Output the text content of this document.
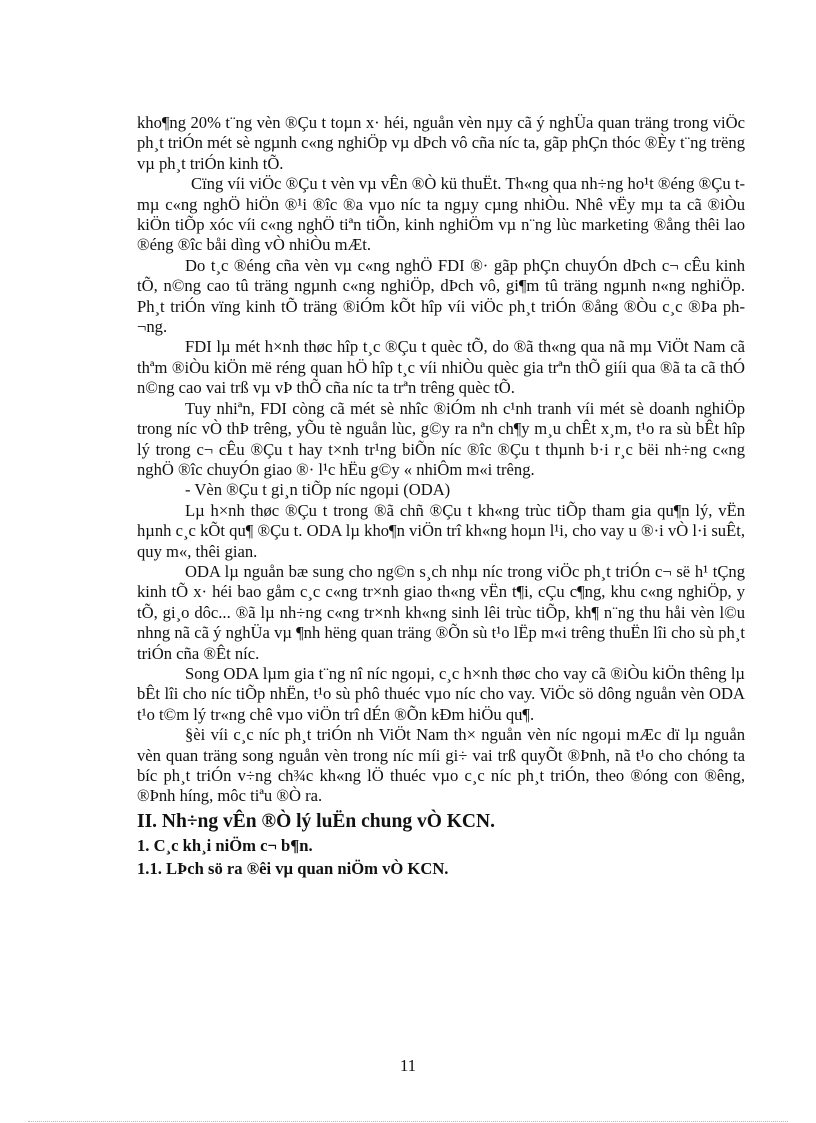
kho¶ng 20% t¨ng vèn ®Çu t toµn x· héi, nguån vèn nµy cã ý nghÜa quan träng trong viÖc ph¸t triÓn mét sè ngµnh c«ng nghiÖp vµ dÞch vô cña níc ta, gãp phÇn thóc ®Èy t¨ng trëng vµ ph¸t triÓn kinh tÕ.

Cïng víi viÖc ®Çu t vèn vµ vÊn ®Ò kü thuËt. Th«ng qua nh÷ng ho¹t ®éng ®Çu t mµ c«ng nghÖ hiÖn ®¹i ®îc ®a vµo níc ta ngµy cµng nhiÒu. Nhê vËy mµ ta cã ®iÒu kiÖn tiÕp xóc víi c«ng nghÖ tiªn tiÕn, kinh nghiÖm vµ n¨ng lùc marketing ®ång thêi lao ®éng ®îc båi dìng vÒ nhiÒu mÆt.

Do t¸c ®éng cña vèn vµ c«ng nghÖ FDI ®· gãp phÇn chuyÓn dÞch c¬ cÊu kinh tÕ, n©ng cao tû träng ngµnh c«ng nghiÖp, dÞch vô, gi¶m tû träng ngµnh n«ng nghiÖp. Ph¸t triÓn vïng kinh tÕ träng ®iÓm kÕt hîp víi viÖc ph¸t triÓn ®ång ®Òu c¸c ®Þa ph¬ng.

FDI lµ mét h×nh thøc hîp t¸c ®Çu t quèc tÕ, do ®ã th«ng qua nã mµ ViÖt Nam cã thªm ®iÒu kiÖn më réng quan hÖ hîp t¸c víi nhiÒu quèc gia trªn thÕ giíi qua ®ã ta cã thÓ n©ng cao vai trß vµ vÞ thÕ cña níc ta trªn trêng quèc tÕ.

Tuy nhiªn, FDI còng cã mét sè nhîc ®iÓm nh c¹nh tranh víi mét sè doanh nghiÖp trong níc vÒ thÞ trêng, yÕu tè nguån lùc, g©y ra nªn ch¶y m¸u chÊt x¸m, t¹o ra sù bÊt hîp lý trong c¬ cÊu ®Çu t hay t×nh tr¹ng biÕn níc ®îc ®Çu t thµnh b·i r¸c bëi nh÷ng c«ng nghÖ ®îc chuyÓn giao ®· l¹c hËu g©y « nhiÔm m«i trêng.

- Vèn ®Çu t gi¸n tiÕp níc ngoµi (ODA)

Lµ h×nh thøc ®Çu t trong ®ã chñ ®Çu t kh«ng trùc tiÕp tham gia qu¶n lý, vËn hµnh c¸c kÕt qu¶ ®Çu t. ODA lµ kho¶n viÖn trî kh«ng hoµn l¹i, cho vay u ®·i vÒ l·i suÊt, quy m«, thêi gian.

ODA lµ nguån bæ sung cho ng©n s¸ch nhµ níc trong viÖc ph¸t triÓn c¬ së h¹ tÇng kinh tÕ x· héi bao gåm c¸c c«ng tr×nh giao th«ng vËn t¶i, cÇu c¶ng, khu c«ng nghiÖp, y tÕ, gi¸o dôc... ®ã lµ nh÷ng c«ng tr×nh kh«ng sinh lêi trùc tiÕp, kh¶ n¨ng thu håi vèn l©u nhng nã cã ý nghÜa vµ ¶nh hëng quan träng ®Õn sù t¹o lËp m«i trêng thuËn lîi cho sù ph¸t triÓn cña ®Êt níc.

Song ODA lµm gia t¨ng nî níc ngoµi, c¸c h×nh thøc cho vay cã ®iÒu kiÖn thêng lµ bÊt lîi cho níc tiÕp nhËn, t¹o sù phô thuéc vµo níc cho vay. ViÖc sö dông nguån vèn ODA t¹o t©m lý tr«ng chê vµo viÖn trî dÉn ®Õn kÐm hiÖu qu¶.

§èi víi c¸c níc ph¸t triÓn nh ViÖt Nam th× nguån vèn níc ngoµi mÆc dï lµ nguån vèn quan träng song nguån vèn trong níc míi gi÷ vai trß quyÕt ®Þnh, nã t¹o cho chóng ta bíc ph¸t triÓn v÷ng ch¾c kh«ng lÖ thuéc vµo c¸c níc ph¸t triÓn, theo ®óng con ®êng, ®Þnh híng, môc tiªu ®Ò ra.

II. Nh÷ng vÊn ®Ò lý luËn chung vÒ KCN.
1. C¸c kh¸i niÖm c¬ b¶n.
1.1. LÞch sö ra ®êi vµ quan niÖm vÒ KCN.
11
